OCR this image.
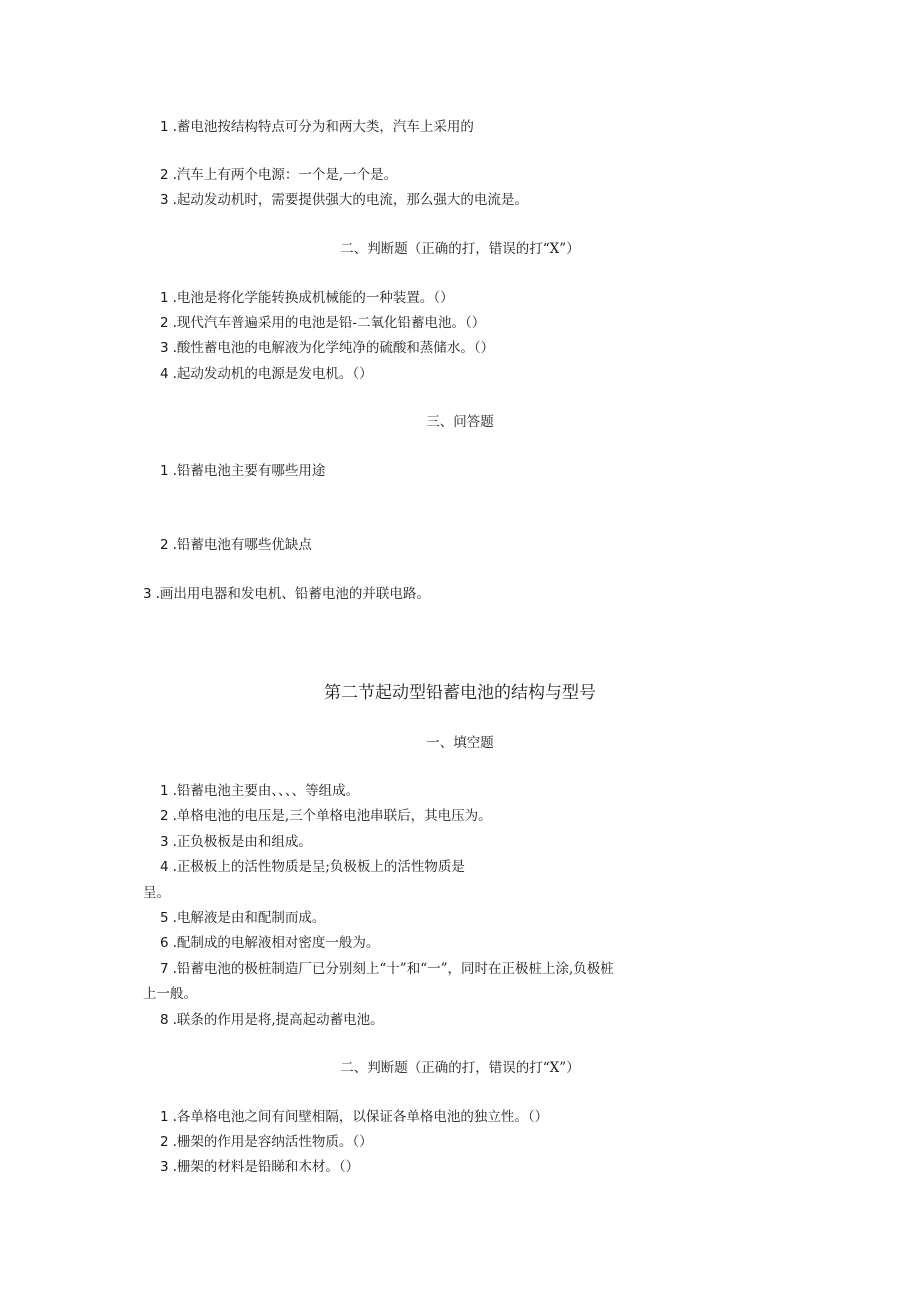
1 .蓄电池按结构特点可分为和两大类，汽车上采用的
2 .汽车上有两个电源：一个是,一个是。
3 .起动发动机时，需要提供强大的电流，那么强大的电流是。
二、判断题（正确的打，错误的打“X”）
1 .电池是将化学能转换成机械能的一种装置。（）
2 .现代汽车普遍采用的电池是铅-二氧化铅蓄电池。（）
3 .酸性蓄电池的电解液为化学纯净的硫酸和蒸储水。（）
4 .起动发动机的电源是发电机。（）
三、问答题
1 .铅蓄电池主要有哪些用途
2 .铅蓄电池有哪些优缺点
3 .画出用电器和发电机、铅蓄电池的并联电路。
第二节起动型铅蓄电池的结构与型号
一、填空题
1 .铅蓄电池主要由、、、、等组成。
2 .单格电池的电压是,三个单格电池串联后，其电压为。
3 .正负极板是由和组成。
4 .正极板上的活性物质是呈;负极板上的活性物质是
呈。
5 .电解液是由和配制而成。
6 .配制成的电解液相对密度一般为。
7 .铅蓄电池的极桩制造厂已分别刻上“十”和“一”，同时在正极桩上涂,负极桩
上一般。
8 .联条的作用是将,提高起动蓄电池。
二、判断题（正确的打，错误的打“X”）
1 .各单格电池之间有间壁相隔，以保证各单格电池的独立性。（）
2 .栅架的作用是容纳活性物质。（）
3 .栅架的材料是铅睇和木材。（）
